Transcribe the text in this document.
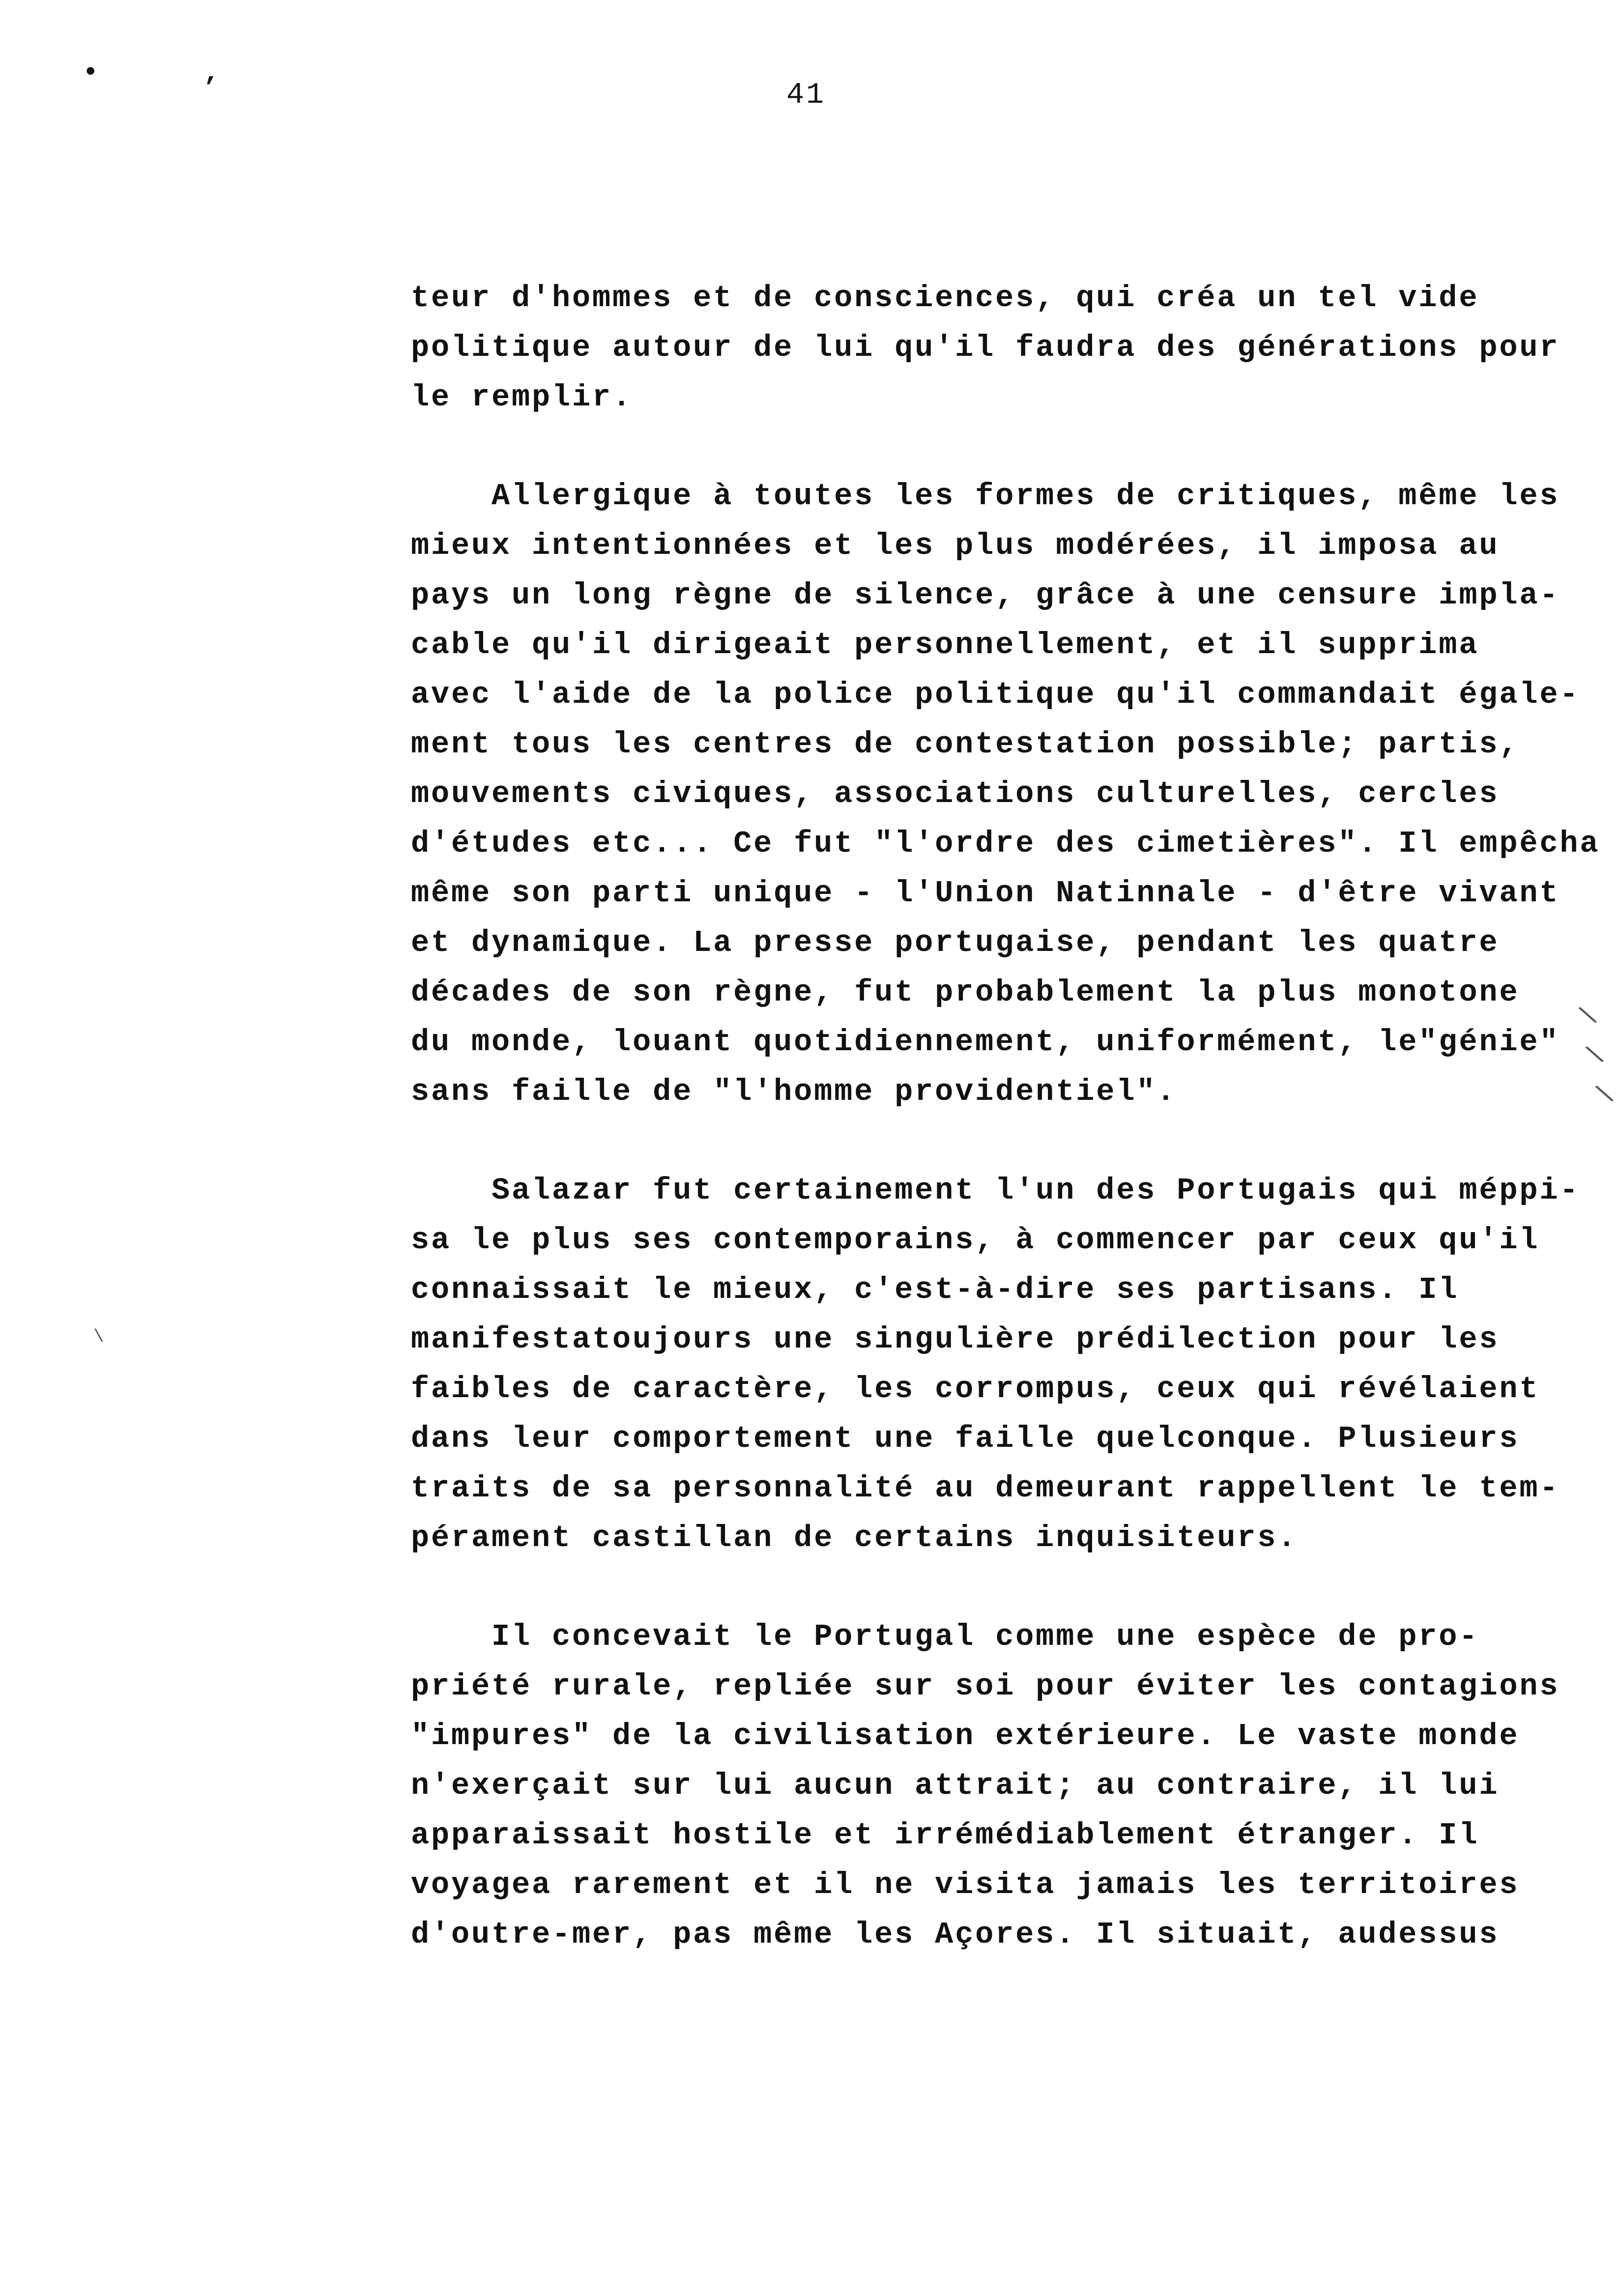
• ‚
41
teur d'hommes et de consciences, qui créa un tel vide
politique autour de lui qu'il faudra des générations pour
le remplir.
Allergique à toutes les formes de critiques, même les
mieux intentionnées et les plus modérées, il imposa au
pays un long règne de silence, grâce à une censure impla-
cable qu'il dirigeait personnellement, et il supprima
avec l'aide de la police politique qu'il commandait égale-
ment tous les centres de contestation possible; partis,
mouvements civiques, associations culturelles, cercles
d'études etc... Ce fut "l'ordre des cimetières". Il empêcha
même son parti unique - l'Union Natinnale - d'être vivant
et dynamique. La presse portugaise, pendant les quatre
décades de son règne, fut probablement la plus monotone
du monde, louant quotidiennement, uniformément, le"génie"
sans faille de "l'homme providentiel".
Salazar fut certainement l'un des Portugais qui méppi-
sa le plus ses contemporains, à commencer par ceux qu'il
connaissait le mieux, c'est-à-dire ses partisans. Il
manifestatoujours une singulière prédilection pour les
faibles de caractère, les corrompus, ceux qui révélaient
dans leur comportement une faille quelconque. Plusieurs
traits de sa personnalité au demeurant rappellent le tem-
pérament castillan de certains inquisiteurs.
Il concevait le Portugal comme une espèce de pro-
priété rurale, repliée sur soi pour éviter les contagions
"impures" de la civilisation extérieure. Le vaste monde
n'exerçait sur lui aucun attrait; au contraire, il lui
apparaissait hostile et irrémédiablement étranger. Il
voyagea rarement et il ne visita jamais les territoires
d'outre-mer, pas même les Açores. Il situait, audessus
\
\
\
\
